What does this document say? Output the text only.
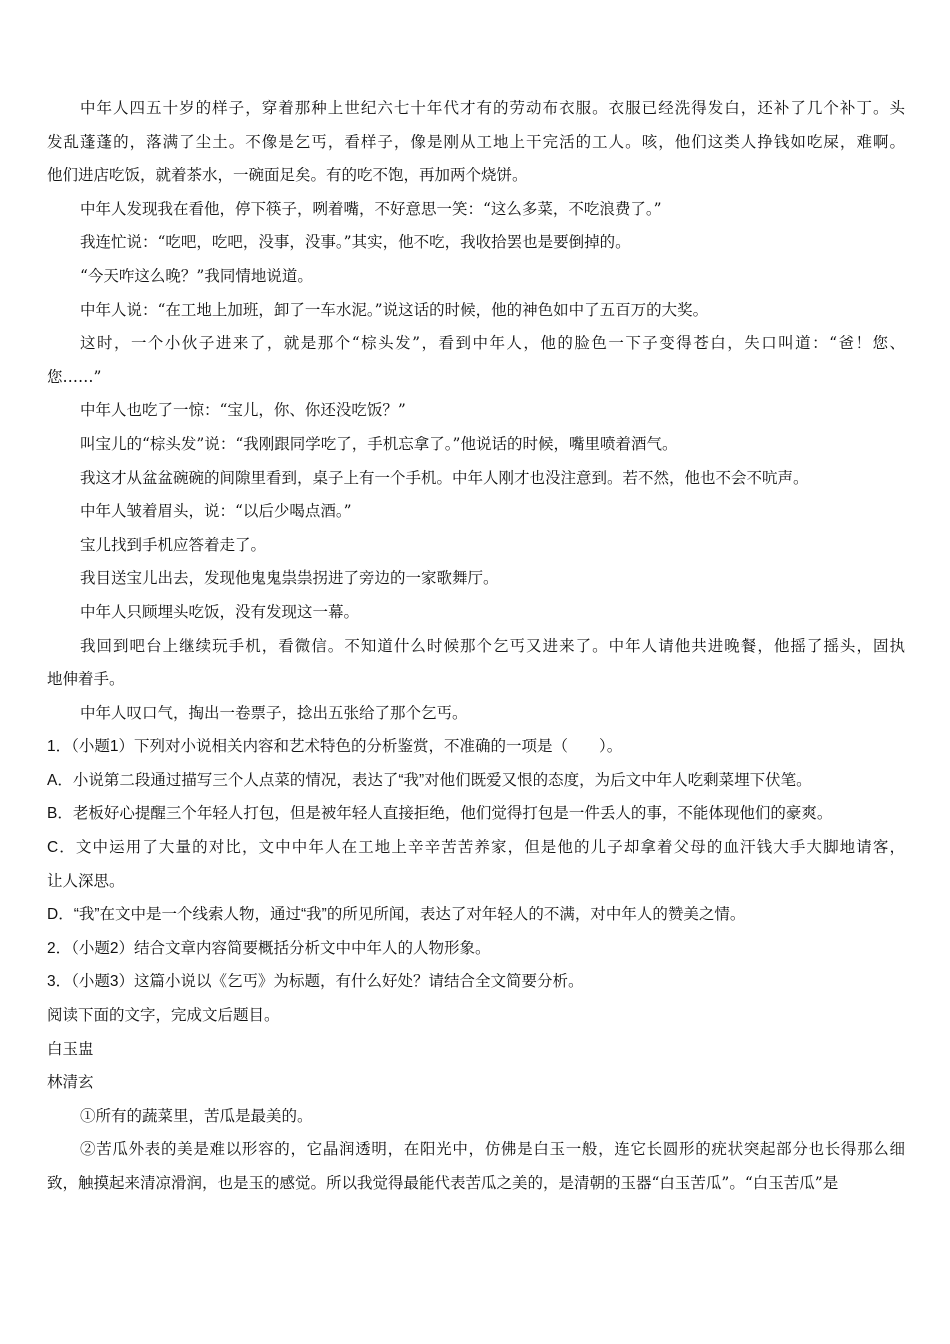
中年人四五十岁的样子，穿着那种上世纪六七十年代才有的劳动布衣服。衣服已经洗得发白，还补了几个补丁。头
发乱蓬蓬的，落满了尘土。不像是乞丐，看样子，像是刚从工地上干完活的工人。咳，他们这类人挣钱如吃屎，难啊。
他们进店吃饭，就着茶水，一碗面足矣。有的吃不饱，再加两个烧饼。
中年人发现我在看他，停下筷子，咧着嘴，不好意思一笑：“这么多菜，不吃浪费了。”
我连忙说：“吃吧，吃吧，没事，没事。”其实，他不吃，我收拾罢也是要倒掉的。
“今天咋这么晚？”我同情地说道。
中年人说：“在工地上加班，卸了一车水泥。”说这话的时候，他的神色如中了五百万的大奖。
这时，一个小伙子进来了，就是那个“棕头发”，看到中年人，他的脸色一下子变得苍白，失口叫道：“爸！您、
您……”
中年人也吃了一惊：“宝儿，你、你还没吃饭？”
叫宝儿的“棕头发”说：“我刚跟同学吃了，手机忘拿了。”他说话的时候，嘴里喷着酒气。
我这才从盆盆碗碗的间隙里看到，桌子上有一个手机。中年人刚才也没注意到。若不然，他也不会不吭声。
中年人皱着眉头，说：“以后少喝点酒。”
宝儿找到手机应答着走了。
我目送宝儿出去，发现他鬼鬼祟祟拐进了旁边的一家歌舞厅。
中年人只顾埋头吃饭，没有发现这一幕。
我回到吧台上继续玩手机，看微信。不知道什么时候那个乞丐又进来了。中年人请他共进晚餐，他摇了摇头，固执
地伸着手。
中年人叹口气，掏出一卷票子，捻出五张给了那个乞丐。
1．（小题1）下列对小说相关内容和艺术特色的分析鉴赏，不准确的一项是（　　）。
A．小说第二段通过描写三个人点菜的情况，表达了“我”对他们既爱又恨的态度，为后文中年人吃剩菜埋下伏笔。
B．老板好心提醒三个年轻人打包，但是被年轻人直接拒绝，他们觉得打包是一件丢人的事，不能体现他们的豪爽。
C．文中运用了大量的对比，文中中年人在工地上辛辛苦苦养家，但是他的儿子却拿着父母的血汗钱大手大脚地请客，
让人深思。
D．“我”在文中是一个线索人物，通过“我”的所见所闻，表达了对年轻人的不满，对中年人的赞美之情。
2．（小题2）结合文章内容简要概括分析文中中年人的人物形象。
3．（小题3）这篇小说以《乞丐》为标题，有什么好处？请结合全文简要分析。
阅读下面的文字，完成文后题目。
白玉盅
林清玄
①所有的蔬菜里，苦瓜是最美的。
②苦瓜外表的美是难以形容的，它晶润透明，在阳光中，仿佛是白玉一般，连它长圆形的疣状突起部分也长得那么细
致，触摸起来清凉滑润，也是玉的感觉。所以我觉得最能代表苦瓜之美的，是清朝的玉器“白玉苦瓜”。“白玉苦瓜”是
